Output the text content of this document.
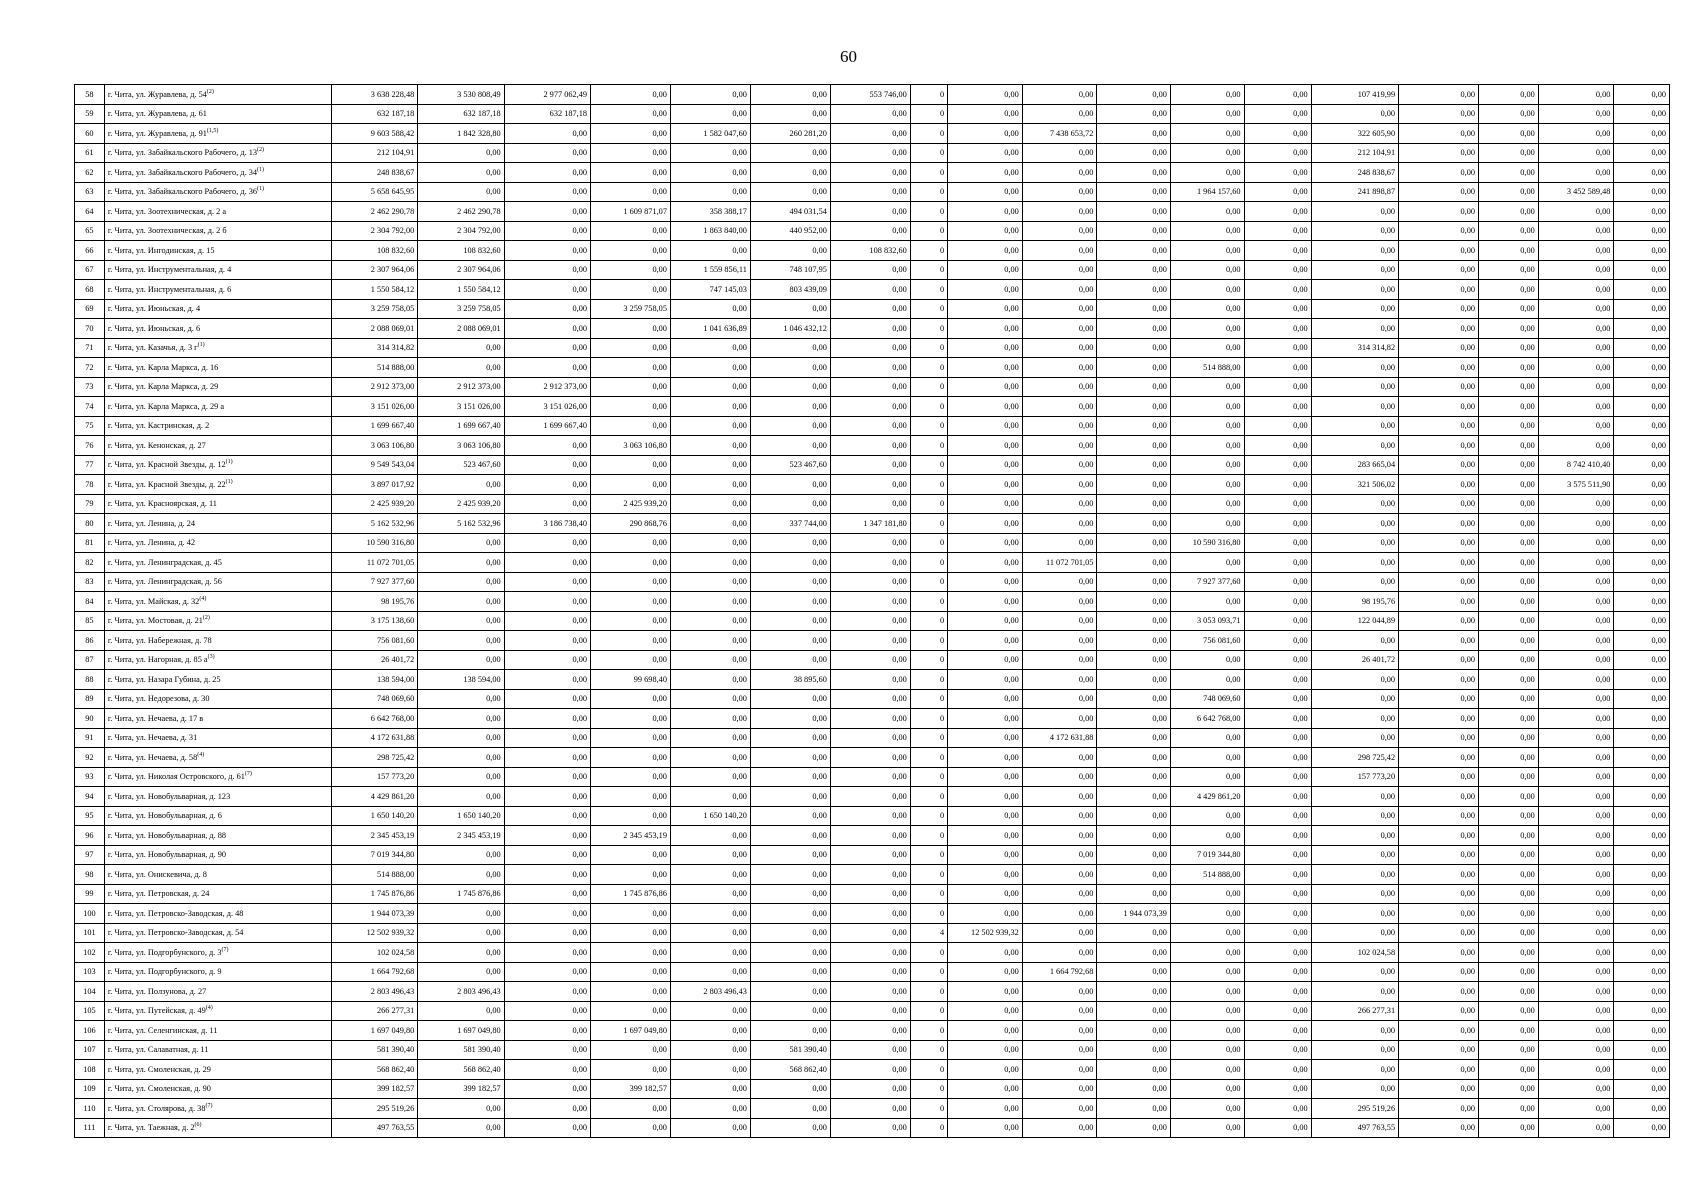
60
58	г. Чита, ул. Журавлева, д. 54$^{(2)}$	3 638 228,48	3 530 808,49	2 977 062,49	0,00	0,00	0,00	553 746,00	0	0,00	0,00	0,00	0,00	0,00	107 419,99	0,00	0,00	0,00	0,00
59	г. Чита, ул. Журавлева, д. 61	632 187,18	632 187,18	632 187,18	0,00	0,00	0,00	0,00	0	0,00	0,00	0,00	0,00	0,00	0,00	0,00	0,00	0,00	0,00
60	г. Чита, ул. Журавлева, д. 91$^{(1,5)}$	9 603 588,42	1 842 328,80	0,00	0,00	1 582 047,60	260 281,20	0,00	0	0,00	7 438 653,72	0,00	0,00	0,00	322 605,90	0,00	0,00	0,00	0,00
61	г. Чита, ул. Забайкальского Рабочего, д. 13$^{(2)}$	212 104,91	0,00	0,00	0,00	0,00	0,00	0,00	0	0,00	0,00	0,00	0,00	0,00	212 104,91	0,00	0,00	0,00	0,00
62	г. Чита, ул. Забайкальского Рабочего, д. 34$^{(1)}$	248 838,67	0,00	0,00	0,00	0,00	0,00	0,00	0	0,00	0,00	0,00	0,00	0,00	248 838,67	0,00	0,00	0,00	0,00
63	г. Чита, ул. Забайкальского Рабочего, д. 36$^{(1)}$	5 658 645,95	0,00	0,00	0,00	0,00	0,00	0,00	0	0,00	0,00	0,00	1 964 157,60	0,00	241 898,87	0,00	0,00	3 452 589,48	0,00
64	г. Чита, ул. Зоотехническая, д. 2 а	2 462 290,78	2 462 290,78	0,00	1 609 871,07	358 388,17	494 031,54	0,00	0	0,00	0,00	0,00	0,00	0,00	0,00	0,00	0,00	0,00	0,00
65	г. Чита, ул. Зоотехническая, д. 2 б	2 304 792,00	2 304 792,00	0,00	0,00	1 863 840,00	440 952,00	0,00	0	0,00	0,00	0,00	0,00	0,00	0,00	0,00	0,00	0,00	0,00
66	г. Чита, ул. Ингодинская, д. 15	108 832,60	108 832,60	0,00	0,00	0,00	0,00	108 832,60	0	0,00	0,00	0,00	0,00	0,00	0,00	0,00	0,00	0,00	0,00
67	г. Чита, ул. Инструментальная, д. 4	2 307 964,06	2 307 964,06	0,00	0,00	1 559 856,11	748 107,95	0,00	0	0,00	0,00	0,00	0,00	0,00	0,00	0,00	0,00	0,00	0,00
68	г. Чита, ул. Инструментальная, д. 6	1 550 584,12	1 550 584,12	0,00	0,00	747 145,03	803 439,09	0,00	0	0,00	0,00	0,00	0,00	0,00	0,00	0,00	0,00	0,00	0,00
69	г. Чита, ул. Июньская, д. 4	3 259 758,05	3 259 758,05	0,00	3 259 758,05	0,00	0,00	0,00	0	0,00	0,00	0,00	0,00	0,00	0,00	0,00	0,00	0,00	0,00
70	г. Чита, ул. Июньская, д. 6	2 088 069,01	2 088 069,01	0,00	0,00	1 041 636,89	1 046 432,12	0,00	0	0,00	0,00	0,00	0,00	0,00	0,00	0,00	0,00	0,00	0,00
71	г. Чита, ул. Казачья, д. 3 $г^{(1)}$	314 314,82	0,00	0,00	0,00	0,00	0,00	0,00	0	0,00	0,00	0,00	0,00	0,00	314 314,82	0,00	0,00	0,00	0,00
72	г. Чита, ул. Карла Маркса, д. 16	514 888,00	0,00	0,00	0,00	0,00	0,00	0,00	0	0,00	0,00	0,00	514 888,00	0,00	0,00	0,00	0,00	0,00	0,00
73	г. Чита, ул. Карла Маркса, д. 29	2 912 373,00	2 912 373,00	2 912 373,00	0,00	0,00	0,00	0,00	0	0,00	0,00	0,00	0,00	0,00	0,00	0,00	0,00	0,00	0,00
74	г. Чита, ул. Карла Маркса, д. 29 а	3 151 026,00	3 151 026,00	3 151 026,00	0,00	0,00	0,00	0,00	0	0,00	0,00	0,00	0,00	0,00	0,00	0,00	0,00	0,00	0,00
75	г. Чита, ул. Кастринская, д. 2	1 699 667,40	1 699 667,40	1 699 667,40	0,00	0,00	0,00	0,00	0	0,00	0,00	0,00	0,00	0,00	0,00	0,00	0,00	0,00	0,00
76	г. Чита, ул. Кенонская, д. 27	3 063 106,80	3 063 106,80	0,00	3 063 106,80	0,00	0,00	0,00	0	0,00	0,00	0,00	0,00	0,00	0,00	0,00	0,00	0,00	0,00
77	г. Чита, ул. Красной Звезды, д. 12$^{(1)}$	9 549 543,04	523 467,60	0,00	0,00	0,00	523 467,60	0,00	0	0,00	0,00	0,00	0,00	0,00	283 665,04	0,00	0,00	8 742 410,40	0,00
78	г. Чита, ул. Красной Звезды, д. 22$^{(1)}$	3 897 017,92	0,00	0,00	0,00	0,00	0,00	0,00	0	0,00	0,00	0,00	0,00	0,00	321 506,02	0,00	0,00	3 575 511,90	0,00
79	г. Чита, ул. Красноярская, д. 11	2 425 939,20	2 425 939,20	0,00	2 425 939,20	0,00	0,00	0,00	0	0,00	0,00	0,00	0,00	0,00	0,00	0,00	0,00	0,00	0,00
80	г. Чита, ул. Ленина, д. 24	5 162 532,96	5 162 532,96	3 186 738,40	290 868,76	0,00	337 744,00	1 347 181,80	0	0,00	0,00	0,00	0,00	0,00	0,00	0,00	0,00	0,00	0,00
81	г. Чита, ул. Ленина, д. 42	10 590 316,80	0,00	0,00	0,00	0,00	0,00	0,00	0	0,00	0,00	0,00	10 590 316,80	0,00	0,00	0,00	0,00	0,00	0,00
82	г. Чита, ул. Ленинградская, д. 45	11 072 701,05	0,00	0,00	0,00	0,00	0,00	0,00	0	0,00	11 072 701,05	0,00	0,00	0,00	0,00	0,00	0,00	0,00	0,00
83	г. Чита, ул. Ленинградская, д. 56	7 927 377,60	0,00	0,00	0,00	0,00	0,00	0,00	0	0,00	0,00	0,00	7 927 377,60	0,00	0,00	0,00	0,00	0,00	0,00
84	г. Чита, ул. Майская, д. 32$^{(4)}$	98 195,76	0,00	0,00	0,00	0,00	0,00	0,00	0	0,00	0,00	0,00	0,00	0,00	98 195,76	0,00	0,00	0,00	0,00
85	г. Чита, ул. Мостовая, д. 21$^{(2)}$	3 175 138,60	0,00	0,00	0,00	0,00	0,00	0,00	0	0,00	0,00	0,00	3 053 093,71	0,00	122 044,89	0,00	0,00	0,00	0,00
86	г. Чита, ул. Набережная, д. 78	756 081,60	0,00	0,00	0,00	0,00	0,00	0,00	0	0,00	0,00	0,00	756 081,60	0,00	0,00	0,00	0,00	0,00	0,00
87	г. Чита, ул. Нагорная, д. 85 $а^{(3)}$	26 401,72	0,00	0,00	0,00	0,00	0,00	0,00	0	0,00	0,00	0,00	0,00	0,00	26 401,72	0,00	0,00	0,00	0,00
88	г. Чита, ул. Назара Губина, д. 25	138 594,00	138 594,00	0,00	99 698,40	0,00	38 895,60	0,00	0	0,00	0,00	0,00	0,00	0,00	0,00	0,00	0,00	0,00	0,00
89	г. Чита, ул. Недорезова, д. 30	748 069,60	0,00	0,00	0,00	0,00	0,00	0,00	0	0,00	0,00	0,00	748 069,60	0,00	0,00	0,00	0,00	0,00	0,00
90	г. Чита, ул. Нечаева, д. 17 в	6 642 768,00	0,00	0,00	0,00	0,00	0,00	0,00	0	0,00	0,00	0,00	6 642 768,00	0,00	0,00	0,00	0,00	0,00	0,00
91	г. Чита, ул. Нечаева, д. 31	4 172 631,88	0,00	0,00	0,00	0,00	0,00	0,00	0	0,00	4 172 631,88	0,00	0,00	0,00	0,00	0,00	0,00	0,00	0,00
92	г. Чита, ул. Нечаева, д. 58$^{(4)}$	298 725,42	0,00	0,00	0,00	0,00	0,00	0,00	0	0,00	0,00	0,00	0,00	0,00	298 725,42	0,00	0,00	0,00	0,00
93	г. Чита, ул. Николая Островского, д. 61$^{(7)}$	157 773,20	0,00	0,00	0,00	0,00	0,00	0,00	0	0,00	0,00	0,00	0,00	0,00	157 773,20	0,00	0,00	0,00	0,00
94	г. Чита, ул. Новобульварная, д. 123	4 429 861,20	0,00	0,00	0,00	0,00	0,00	0,00	0	0,00	0,00	0,00	4 429 861,20	0,00	0,00	0,00	0,00	0,00	0,00
95	г. Чита, ул. Новобульварная, д. 6	1 650 140,20	1 650 140,20	0,00	0,00	1 650 140,20	0,00	0,00	0	0,00	0,00	0,00	0,00	0,00	0,00	0,00	0,00	0,00	0,00
96	г. Чита, ул. Новобульварная, д. 88	2 345 453,19	2 345 453,19	0,00	2 345 453,19	0,00	0,00	0,00	0	0,00	0,00	0,00	0,00	0,00	0,00	0,00	0,00	0,00	0,00
97	г. Чита, ул. Новобульварная, д. 90	7 019 344,80	0,00	0,00	0,00	0,00	0,00	0,00	0	0,00	0,00	0,00	7 019 344,80	0,00	0,00	0,00	0,00	0,00	0,00
98	г. Чита, ул. Онискевича, д. 8	514 888,00	0,00	0,00	0,00	0,00	0,00	0,00	0	0,00	0,00	0,00	514 888,00	0,00	0,00	0,00	0,00	0,00	0,00
99	г. Чита, ул. Петровская, д. 24	1 745 876,86	1 745 876,86	0,00	1 745 876,86	0,00	0,00	0,00	0	0,00	0,00	0,00	0,00	0,00	0,00	0,00	0,00	0,00	0,00
100	г. Чита, ул. Петровско-Заводская, д. 48	1 944 073,39	0,00	0,00	0,00	0,00	0,00	0,00	0	0,00	0,00	1 944 073,39	0,00	0,00	0,00	0,00	0,00	0,00	0,00
101	г. Чита, ул. Петровско-Заводская, д. 54	12 502 939,32	0,00	0,00	0,00	0,00	0,00	0,00	4	12 502 939,32	0,00	0,00	0,00	0,00	0,00	0,00	0,00	0,00	0,00
102	г. Чита, ул. Подгорбунского, д. 3$^{(7)}$	102 024,58	0,00	0,00	0,00	0,00	0,00	0,00	0	0,00	0,00	0,00	0,00	0,00	102 024,58	0,00	0,00	0,00	0,00
103	г. Чита, ул. Подгорбунского, д. 9	1 664 792,68	0,00	0,00	0,00	0,00	0,00	0,00	0	0,00	1 664 792,68	0,00	0,00	0,00	0,00	0,00	0,00	0,00	0,00
104	г. Чита, ул. Ползунова, д. 27	2 803 496,43	2 803 496,43	0,00	0,00	2 803 496,43	0,00	0,00	0	0,00	0,00	0,00	0,00	0,00	0,00	0,00	0,00	0,00	0,00
105	г. Чита, ул. Путейская, д. 49$^{(4)}$	266 277,31	0,00	0,00	0,00	0,00	0,00	0,00	0	0,00	0,00	0,00	0,00	0,00	266 277,31	0,00	0,00	0,00	0,00
106	г. Чита, ул. Селенгинская, д. 11	1 697 049,80	1 697 049,80	0,00	1 697 049,80	0,00	0,00	0,00	0	0,00	0,00	0,00	0,00	0,00	0,00	0,00	0,00	0,00	0,00
107	г. Чита, ул. Салаватная, д. 11	581 390,40	581 390,40	0,00	0,00	0,00	581 390,40	0,00	0	0,00	0,00	0,00	0,00	0,00	0,00	0,00	0,00	0,00	0,00
108	г. Чита, ул. Смоленская, д. 29	568 862,40	568 862,40	0,00	0,00	0,00	568 862,40	0,00	0	0,00	0,00	0,00	0,00	0,00	0,00	0,00	0,00	0,00	0,00
109	г. Чита, ул. Смоленская, д. 90	399 182,57	399 182,57	0,00	399 182,57	0,00	0,00	0,00	0	0,00	0,00	0,00	0,00	0,00	0,00	0,00	0,00	0,00	0,00
110	г. Чита, ул. Столярова, д. 38$^{(7)}$	295 519,26	0,00	0,00	0,00	0,00	0,00	0,00	0	0,00	0,00	0,00	0,00	0,00	295 519,26	0,00	0,00	0,00	0,00
111	г. Чита, ул. Таежная, д. 2$^{(6)}$	497 763,55	0,00	0,00	0,00	0,00	0,00	0,00	0	0,00	0,00	0,00	0,00	0,00	497 763,55	0,00	0,00	0,00	0,00
